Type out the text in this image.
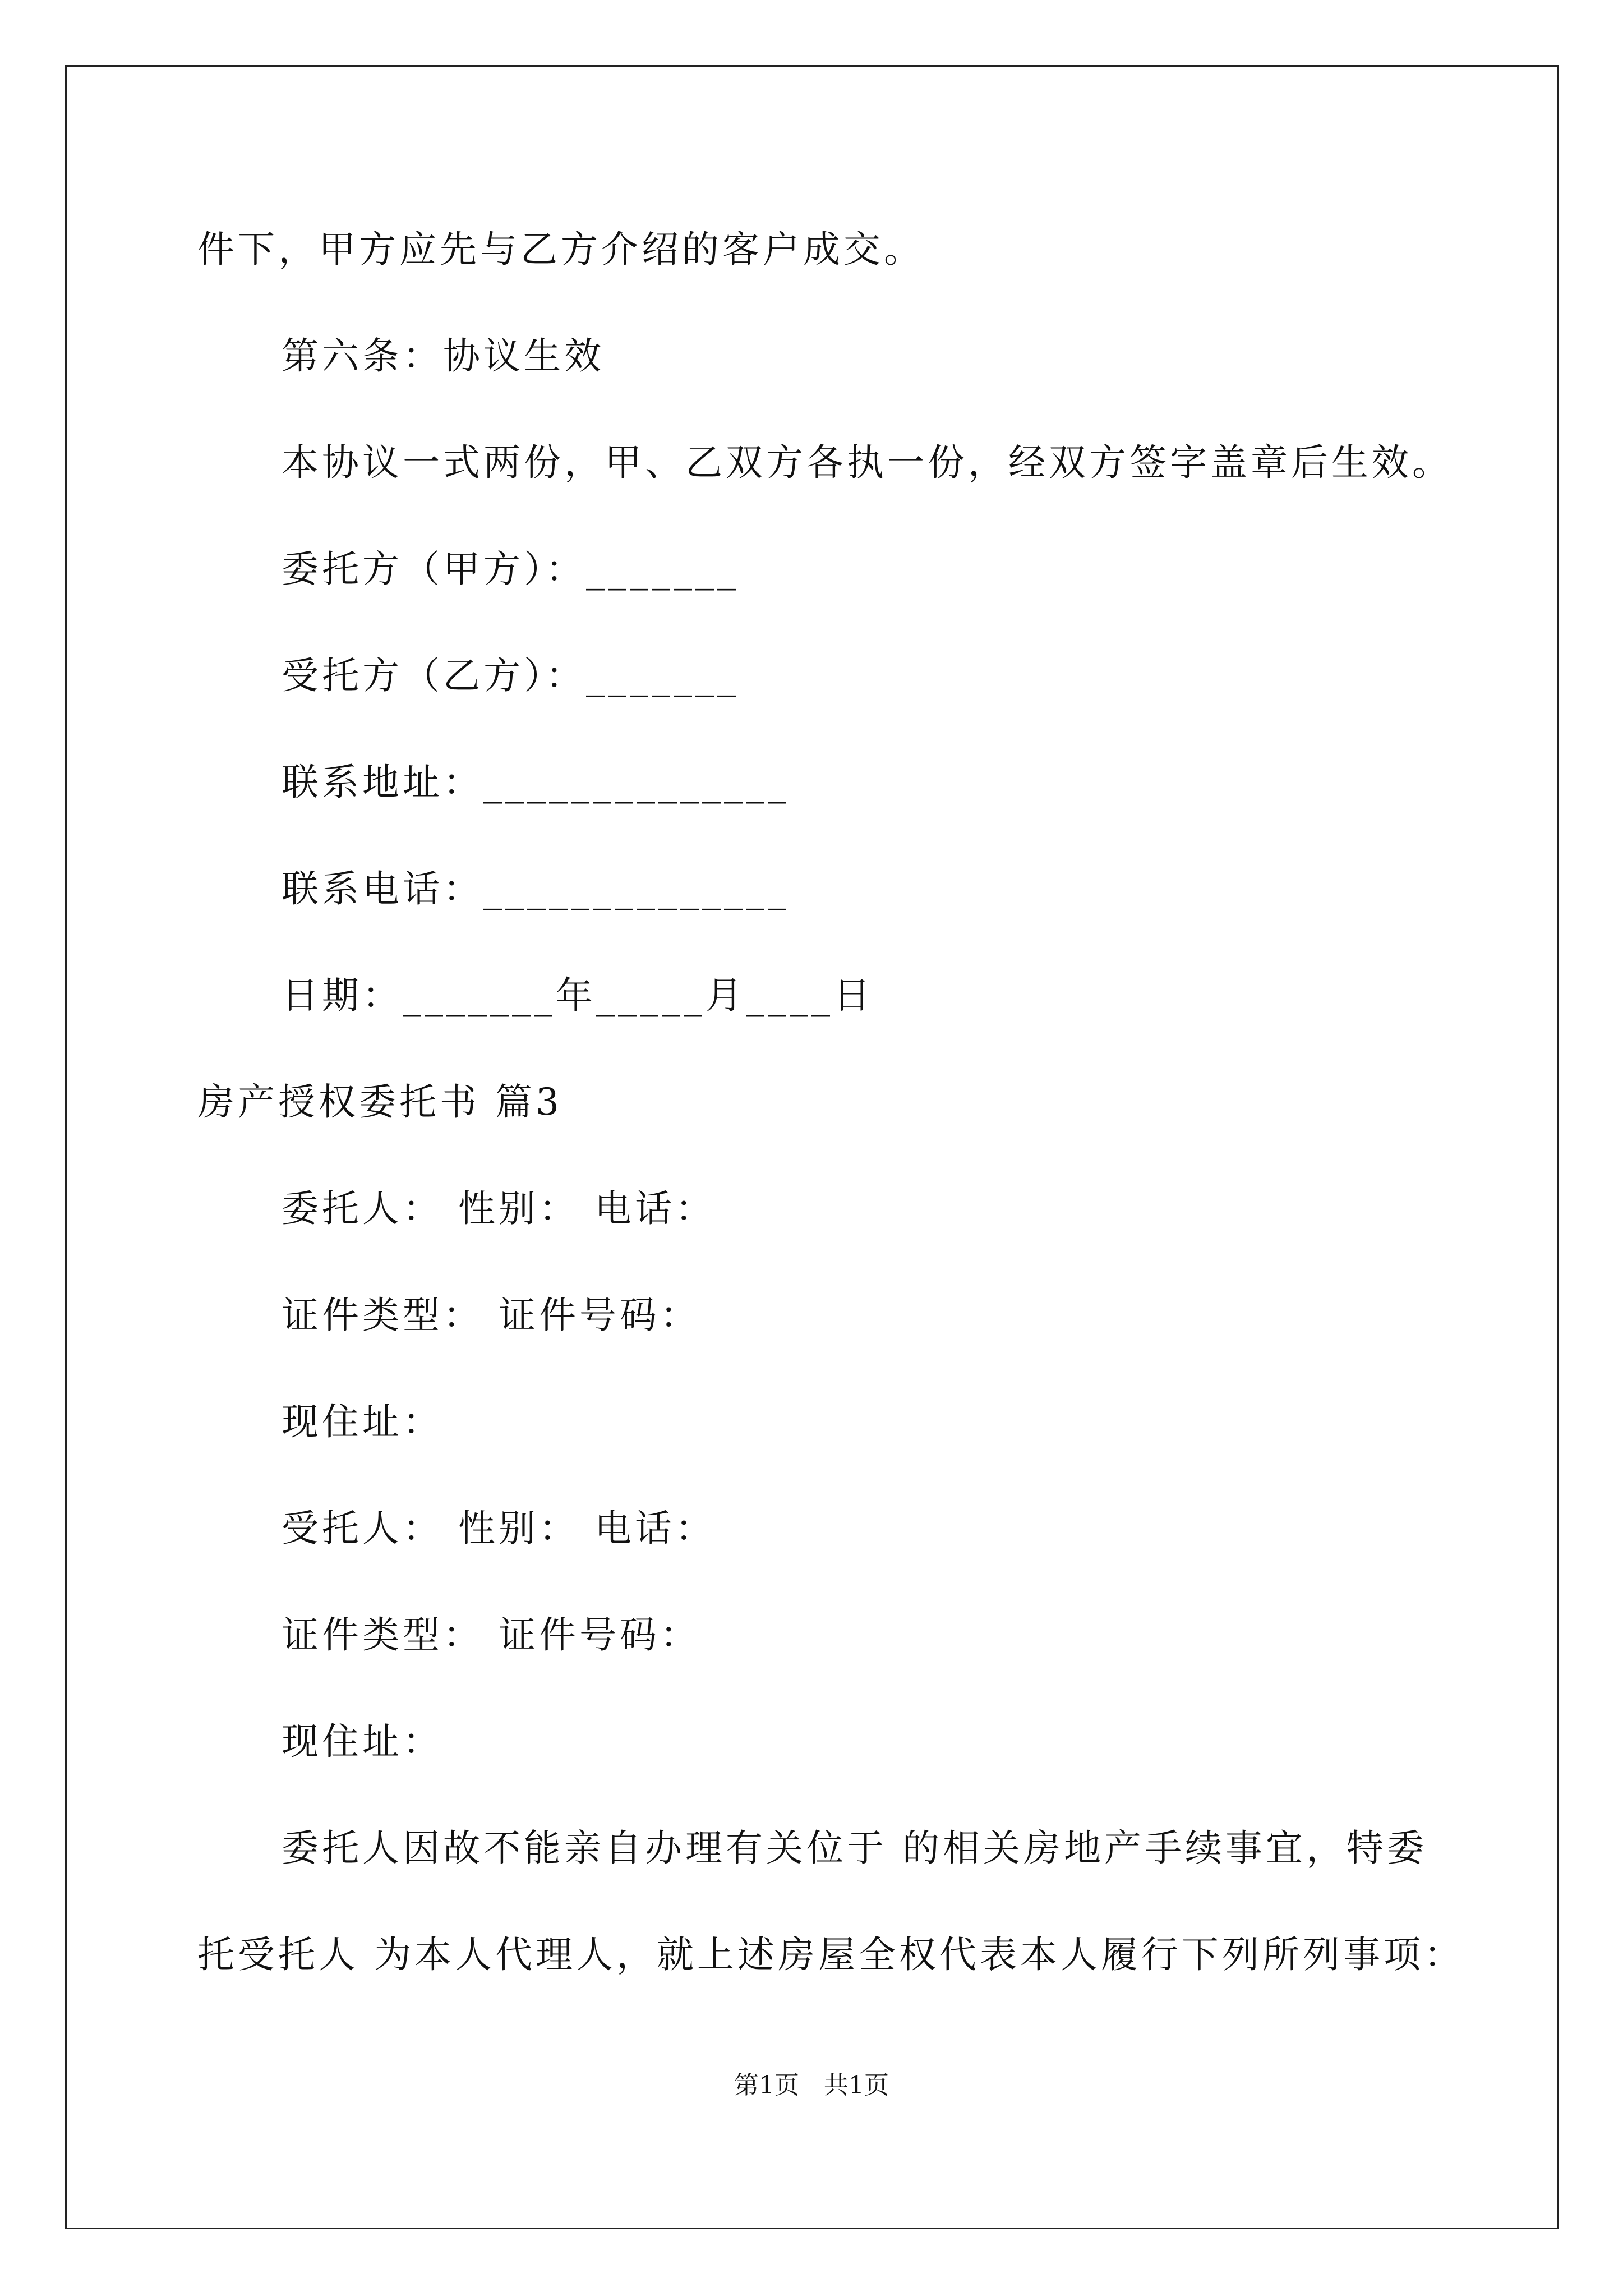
件下，甲方应先与乙方介绍的客户成交。
第六条：协议生效
本协议一式两份，甲、乙双方各执一份，经双方签字盖章后生效。
委托方（甲方）：_______
受托方（乙方）：_______
联系地址：______________
联系电话：______________
日期：_______年_____月____日
房产授权委托书 篇3
委托人： 性别： 电话：
证件类型： 证件号码：
现住址：
受托人： 性别： 电话：
证件类型： 证件号码：
现住址：
委托人因故不能亲自办理有关位于 的相关房地产手续事宜，特委
托受托人 为本人代理人，就上述房屋全权代表本人履行下列所列事项：
第1页　共1页
